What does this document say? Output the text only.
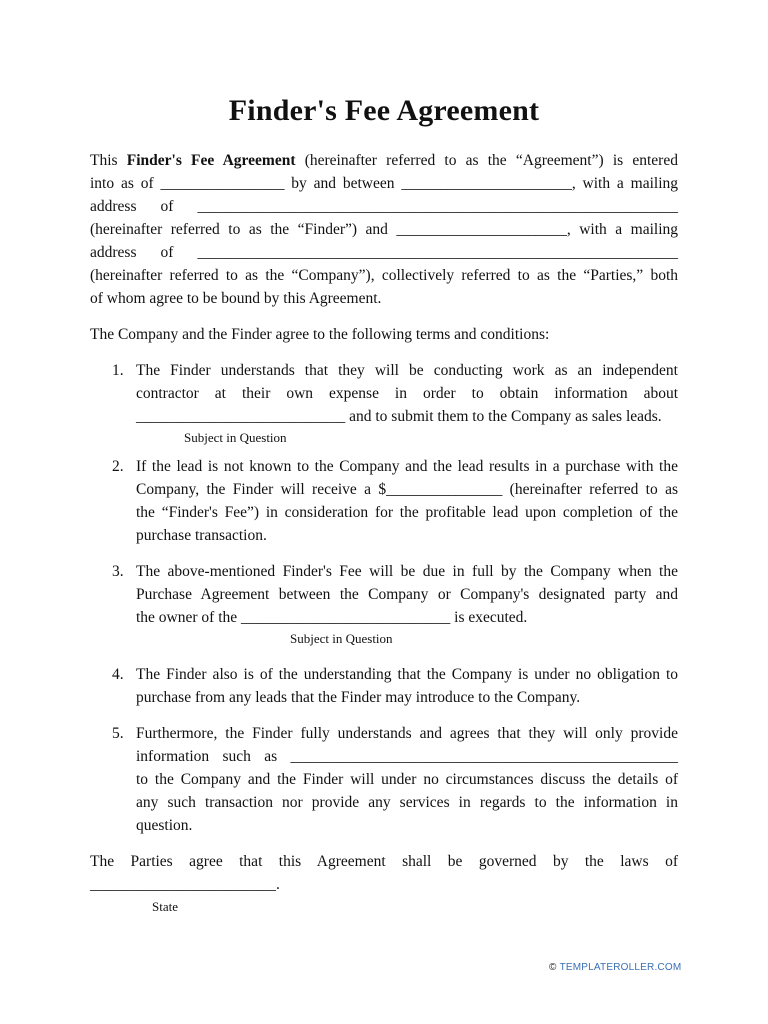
Finder's Fee Agreement
This Finder's Fee Agreement (hereinafter referred to as the “Agreement”) is entered
into as of ________________ by and between ______________________, with a mailing
address of ______________________________________________________________
(hereinafter referred to as the “Finder”) and ______________________, with a mailing
address of ______________________________________________________________
(hereinafter referred to as the “Company”), collectively referred to as the “Parties,” both
of whom agree to be bound by this Agreement.
The Company and the Finder agree to the following terms and conditions:
1. The Finder understands that they will be conducting work as an independent
contractor at their own expense in order to obtain information about
___________________________ and to submit them to the Company as sales leads.
Subject in Question
2. If the lead is not known to the Company and the lead results in a purchase with the
Company, the Finder will receive a $_______________ (hereinafter referred to as
the “Finder's Fee”) in consideration for the profitable lead upon completion of the
purchase transaction.
3. The above-mentioned Finder's Fee will be due in full by the Company when the
Purchase Agreement between the Company or Company's designated party and
the owner of the ___________________________ is executed.
Subject in Question
4. The Finder also is of the understanding that the Company is under no obligation to
purchase from any leads that the Finder may introduce to the Company.
5. Furthermore, the Finder fully understands and agrees that they will only provide
information such as __________________________________________________
to the Company and the Finder will under no circumstances discuss the details of
any such transaction nor provide any services in regards to the information in
question.
The Parties agree that this Agreement shall be governed by the laws of
________________________.
State
© TEMPLATEROLLER.COM
